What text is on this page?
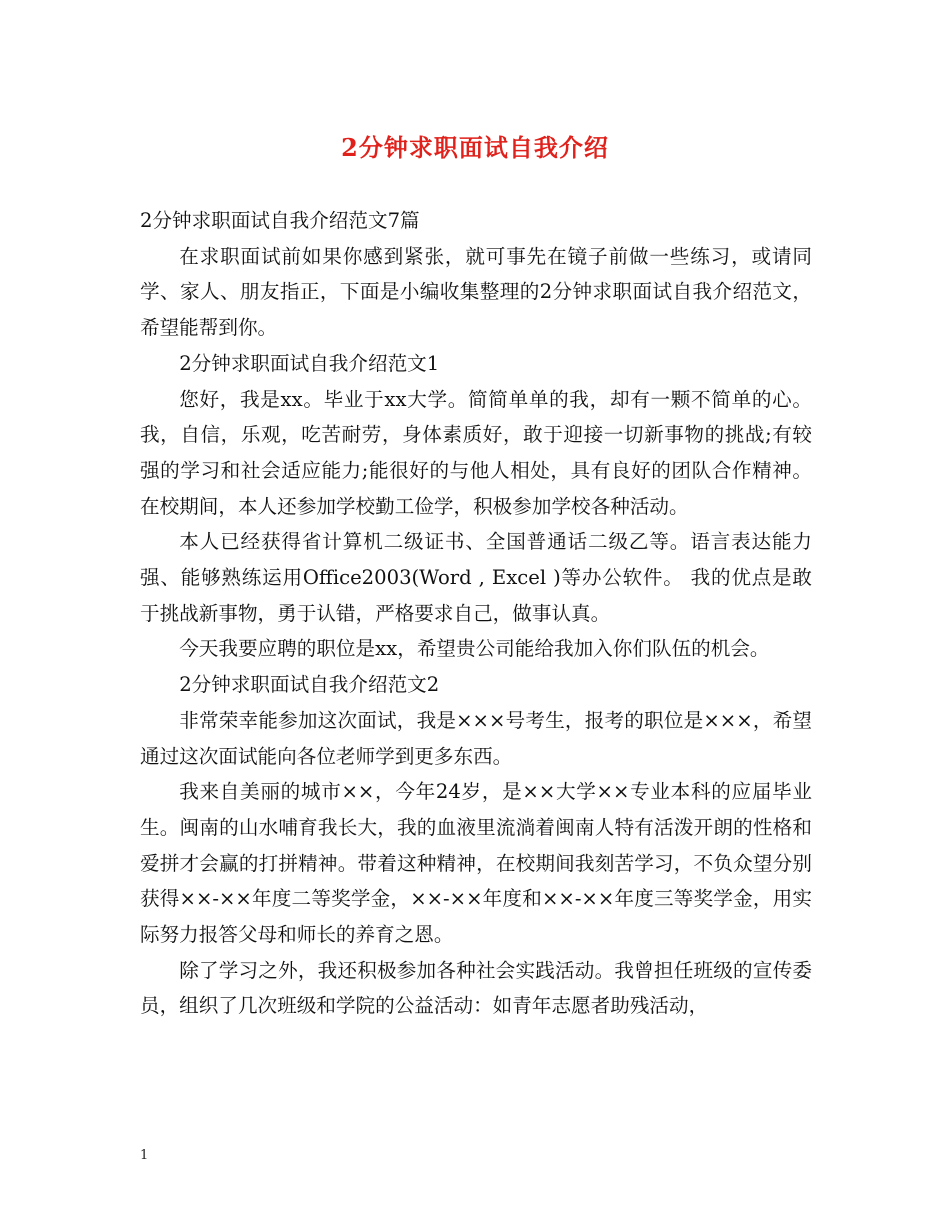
2分钟求职面试自我介绍

2分钟求职面试自我介绍范文7篇

在求职面试前如果你感到紧张，就可事先在镜子前做一些练习，或请同学、家人、朋友指正，下面是小编收集整理的2分钟求职面试自我介绍范文，希望能帮到你。

2分钟求职面试自我介绍范文1

您好，我是xx。毕业于xx大学。简简单单的我，却有一颗不简单的心。我，自信，乐观，吃苦耐劳，身体素质好，敢于迎接一切新事物的挑战;有较强的学习和社会适应能力;能很好的与他人相处，具有良好的团队合作精神。 在校期间，本人还参加学校勤工俭学，积极参加学校各种活动。

本人已经获得省计算机二级证书、全国普通话二级乙等。语言表达能力强、能够熟练运用Office2003(Word , Excel )等办公软件。 我的优点是敢于挑战新事物，勇于认错，严格要求自己，做事认真。

今天我要应聘的职位是xx，希望贵公司能给我加入你们队伍的机会。

2分钟求职面试自我介绍范文2

非常荣幸能参加这次面试，我是×××号考生，报考的职位是×××，希望通过这次面试能向各位老师学到更多东西。

我来自美丽的城市××，今年24岁，是××大学××专业本科的应届毕业生。闽南的山水哺育我长大，我的血液里流淌着闽南人特有活泼开朗的性格和爱拼才会赢的打拼精神。带着这种精神，在校期间我刻苦学习，不负众望分别获得××-××年度二等奖学金，××-××年度和××-××年度三等奖学金，用实际努力报答父母和师长的养育之恩。

除了学习之外，我还积极参加各种社会实践活动。我曾担任班级的宣传委员，组织了几次班级和学院的公益活动：如青年志愿者助残活动，

1
